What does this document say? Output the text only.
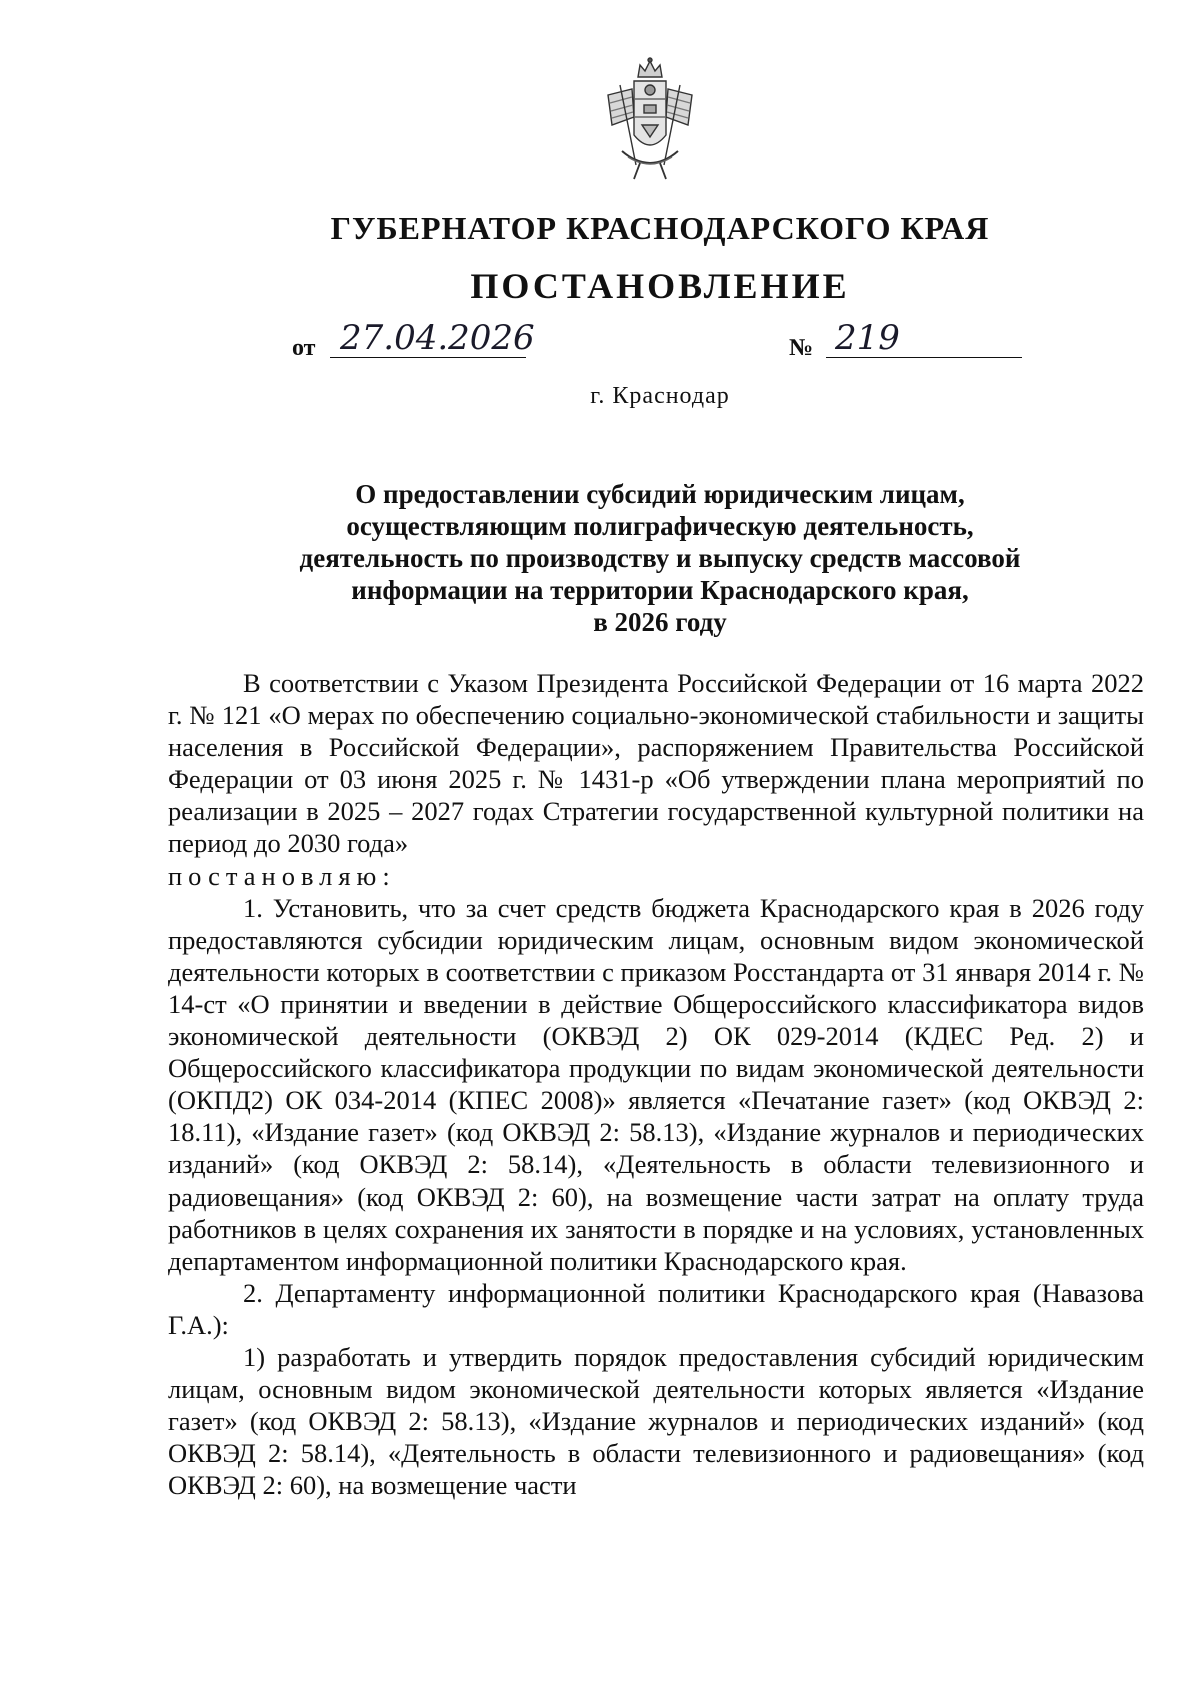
ГУБЕРНАТОР КРАСНОДАРСКОГО КРАЯ
ПОСТАНОВЛЕНИЕ
от 27.04.2026	№ 219
г. Краснодар
О предоставлении субсидий юридическим лицам,
осуществляющим полиграфическую деятельность,
деятельность по производству и выпуску средств массовой
информации на территории Краснодарского края,
в 2026 году

В соответствии с Указом Президента Российской Федерации от 16 марта 2022 г. № 121 «О мерах по обеспечению социально-экономической стабильности и защиты населения в Российской Федерации», распоряжением Правительства Российской Федерации от 03 июня 2025 г. № 1431-р «Об утверждении плана мероприятий по реализации в 2025 – 2027 годах Стратегии государственной культурной политики на период до 2030 года»

постановляю:

1. Установить, что за счет средств бюджета Краснодарского края в 2026 году предоставляются субсидии юридическим лицам, основным видом экономической деятельности которых в соответствии с приказом Росстандарта от 31 января 2014 г. № 14-ст «О принятии и введении в действие Общероссийского классификатора видов экономической деятельности (ОКВЭД 2) ОК 029-2014 (КДЕС Ред. 2) и Общероссийского классификатора продукции по видам экономической деятельности (ОКПД2) ОК 034-2014 (КПЕС 2008)» является «Печатание газет» (код ОКВЭД 2: 18.11), «Издание газет» (код ОКВЭД 2: 58.13), «Издание журналов и периодических изданий» (код ОКВЭД 2: 58.14), «Деятельность в области телевизионного и радиовещания» (код ОКВЭД 2: 60), на возмещение части затрат на оплату труда работников в целях сохранения их занятости в порядке и на условиях, установленных департаментом информационной политики Краснодарского края.

2. Департаменту информационной политики Краснодарского края (Навазова Г.А.):

1) разработать и утвердить порядок предоставления субсидий юридическим лицам, основным видом экономической деятельности которых является «Издание газет» (код ОКВЭД 2: 58.13), «Издание журналов и периодических изданий» (код ОКВЭД 2: 58.14), «Деятельность в области телевизионного и радиовещания» (код ОКВЭД 2: 60), на возмещение части
